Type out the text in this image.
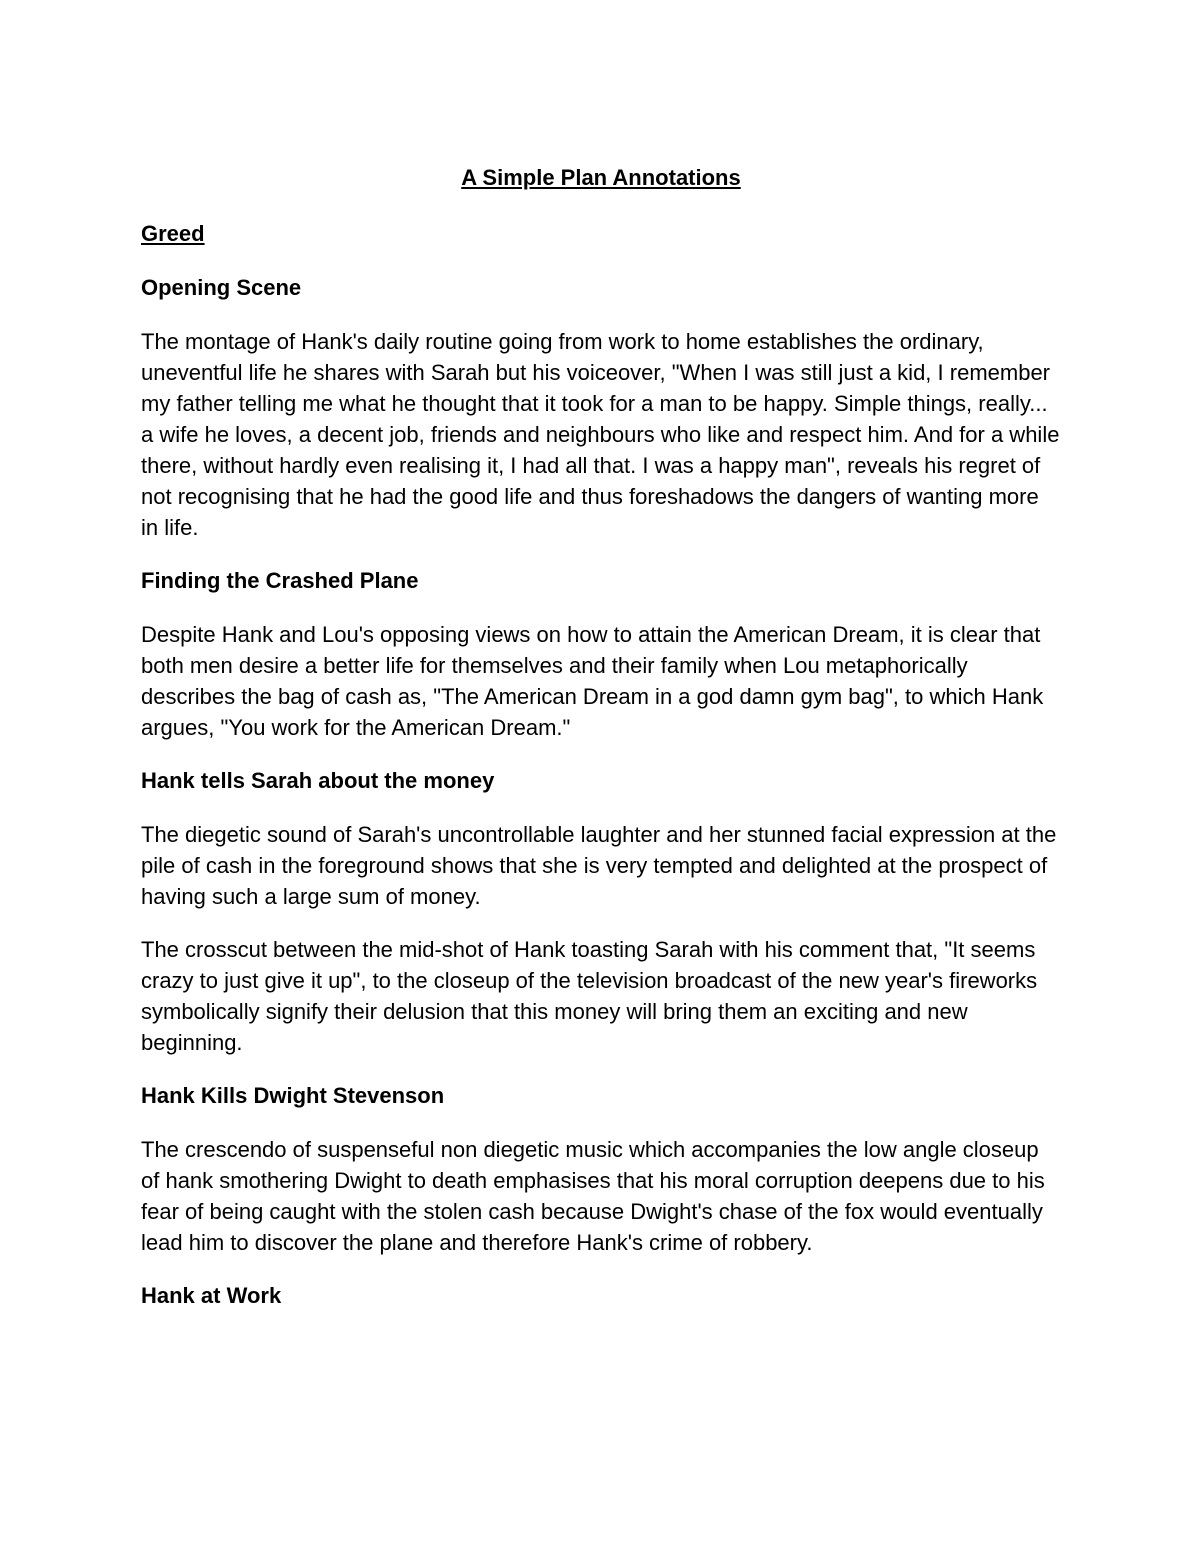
A Simple Plan Annotations
Greed
Opening Scene

The montage of Hank's daily routine going from work to home establishes the ordinary, uneventful life he shares with Sarah but his voiceover, "When I was still just a kid, I remember my father telling me what he thought that it took for a man to be happy. Simple things, really... a wife he loves, a decent job, friends and neighbours who like and respect him. And for a while there, without hardly even realising it, I had all that. I was a happy man", reveals his regret of not recognising that he had the good life and thus foreshadows the dangers of wanting more in life.

Finding the Crashed Plane

Despite Hank and Lou's opposing views on how to attain the American Dream, it is clear that both men desire a better life for themselves and their family when Lou metaphorically describes the bag of cash as, "The American Dream in a god damn gym bag", to which Hank argues, "You work for the American Dream."

Hank tells Sarah about the money

The diegetic sound of Sarah's uncontrollable laughter and her stunned facial expression at the pile of cash in the foreground shows that she is very tempted and delighted at the prospect of having such a large sum of money.

The crosscut between the mid-shot of Hank toasting Sarah with his comment that, "It seems crazy to just give it up", to the closeup of the television broadcast of the new year's fireworks symbolically signify their delusion that this money will bring them an exciting and new beginning.

Hank Kills Dwight Stevenson

The crescendo of suspenseful non diegetic music which accompanies the low angle closeup of hank smothering Dwight to death emphasises that his moral corruption deepens due to his fear of being caught with the stolen cash because Dwight's chase of the fox would eventually lead him to discover the plane and therefore Hank's crime of robbery.

Hank at Work
